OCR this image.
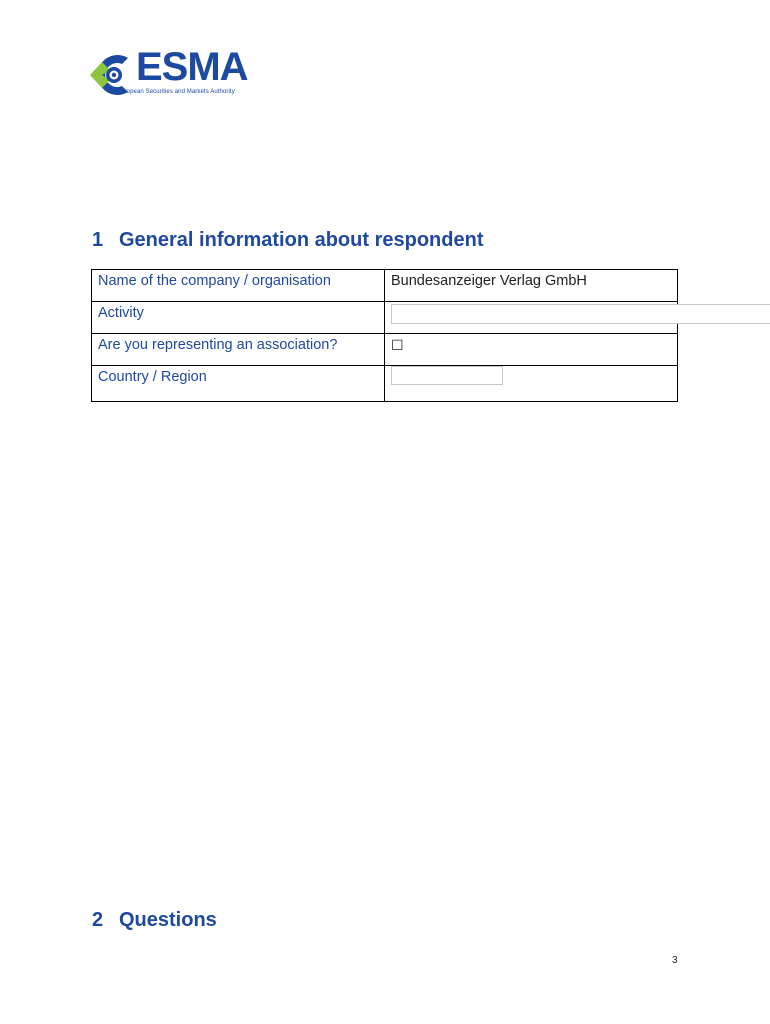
ESMA
European Securities and Markets Authority
1 General information about respondent
Name of the company / organisation	Bundesanzeiger Verlag GmbH
Activity	

Are you representing an association?	☐
Country / Region	
2 Questions
3
